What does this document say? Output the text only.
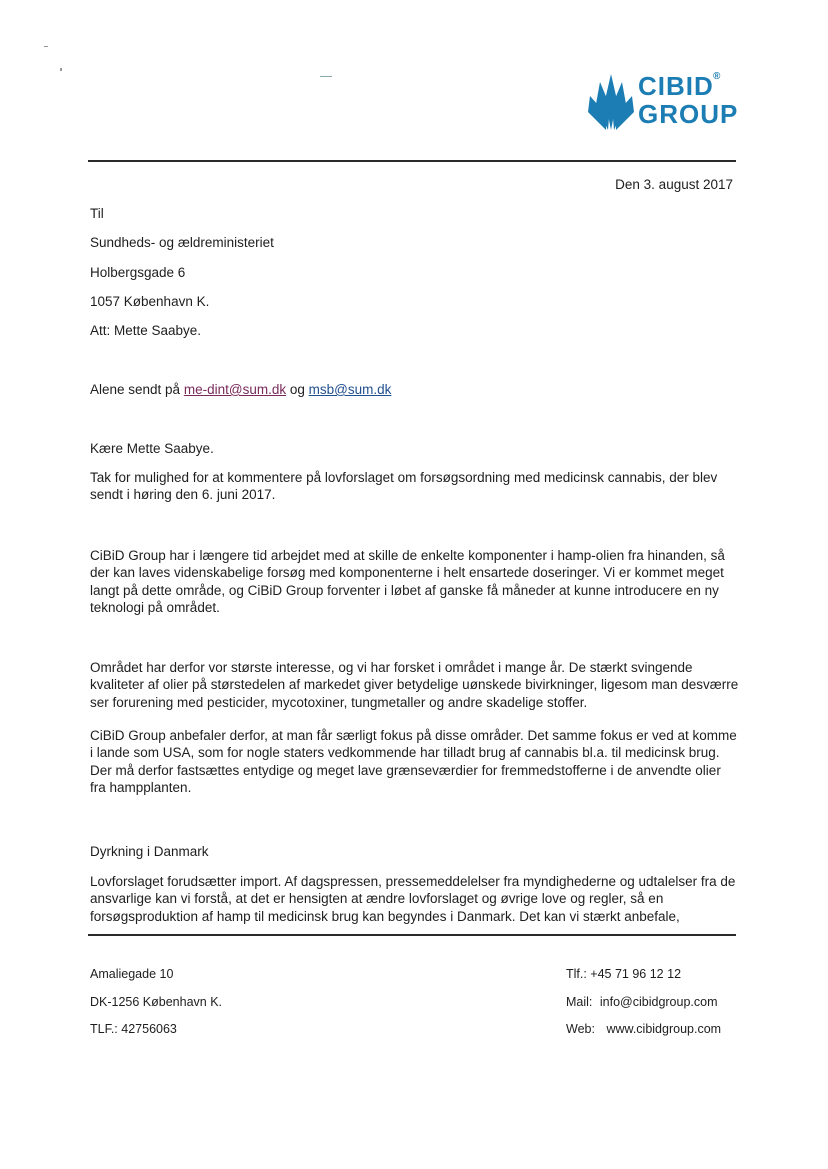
CIBID ®
GROUP
Den 3. august 2017
Til
Sundheds- og ældreministeriet
Holbergsgade 6
1057 København K.
Att: Mette Saabye.
Alene sendt på me-dint@sum.dk og msb@sum.dk
Kære Mette Saabye.
Tak for mulighed for at kommentere på lovforslaget om forsøgsordning med medicinsk cannabis, der blev sendt i høring den 6. juni 2017.
CiBiD Group har i længere tid arbejdet med at skille de enkelte komponenter i hamp-olien fra hinanden, så der kan laves videnskabelige forsøg med komponenterne i helt ensartede doseringer. Vi er kommet meget langt på dette område, og CiBiD Group forventer i løbet af ganske få måneder at kunne introducere en ny teknologi på området.
Området har derfor vor største interesse, og vi har forsket i området i mange år. De stærkt svingende kvaliteter af olier på størstedelen af markedet giver betydelige uønskede bivirkninger, ligesom man desværre ser forurening med pesticider, mycotoxiner, tungmetaller og andre skadelige stoffer.
CiBiD Group anbefaler derfor, at man får særligt fokus på disse områder. Det samme fokus er ved at komme i lande som USA, som for nogle staters vedkommende har tilladt brug af cannabis bl.a. til medicinsk brug. Der må derfor fastsættes entydige og meget lave grænseværdier for fremmedstofferne i de anvendte olier fra hampplanten.
Dyrkning i Danmark
Lovforslaget forudsætter import. Af dagspressen, pressemeddelelser fra myndighederne og udtalelser fra de ansvarlige kan vi forstå, at det er hensigten at ændre lovforslaget og øvrige love og regler, så en forsøgsproduktion af hamp til medicinsk brug kan begyndes i Danmark. Det kan vi stærkt anbefale,
Amaliegade 10
DK-1256 København K.
TLF.: 42756063
Tlf.: +45 71 96 12 12
Mail: info@cibidgroup.com
Web: www.cibidgroup.com
